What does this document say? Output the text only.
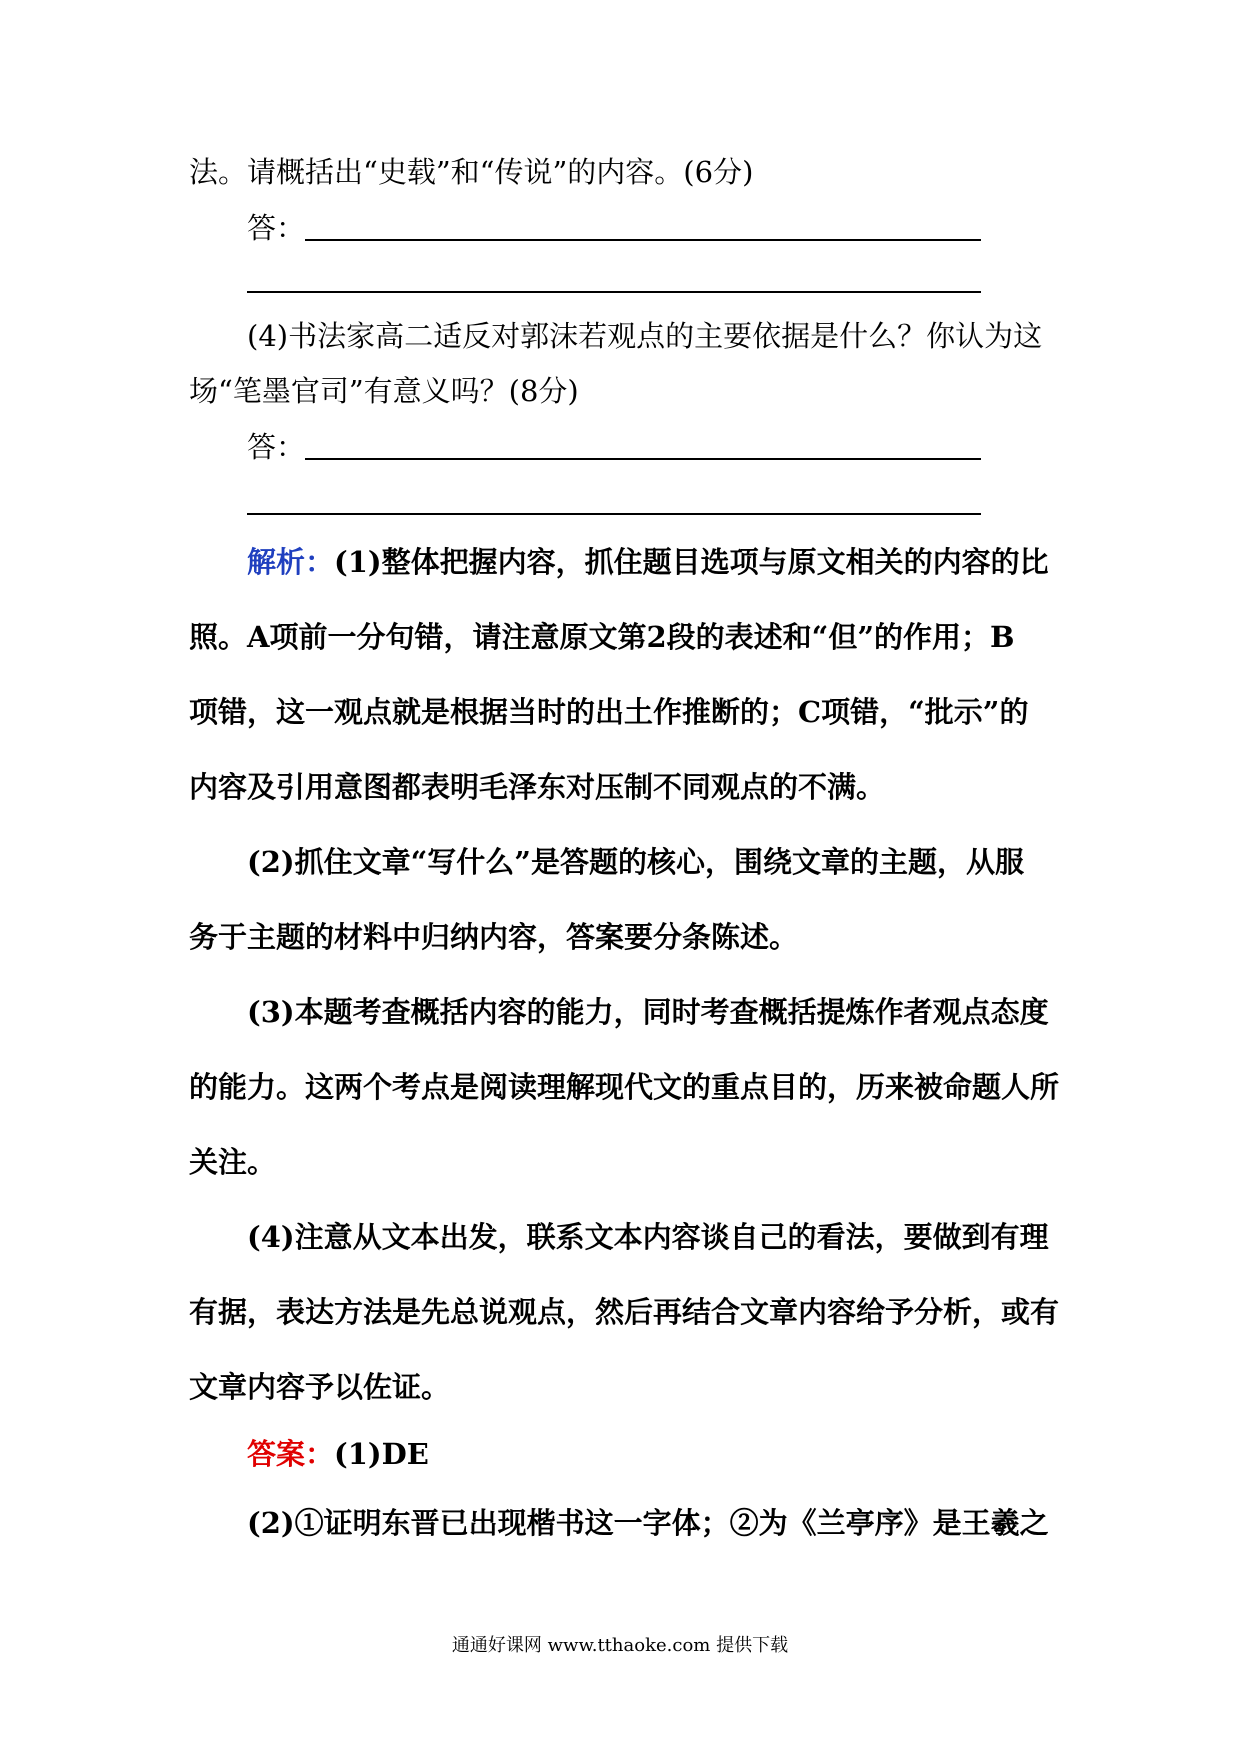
法。请概括出“史载”和“传说”的内容。(6分)
答：
(4)书法家高二适反对郭沫若观点的主要依据是什么？你认为这
场“笔墨官司”有意义吗？(8分)
答：
解析：(1)整体把握内容，抓住题目选项与原文相关的内容的比
照。A项前一分句错，请注意原文第2段的表述和“但”的作用；B
项错，这一观点就是根据当时的出土作推断的；C项错，“批示”的
内容及引用意图都表明毛泽东对压制不同观点的不满。
(2)抓住文章“写什么”是答题的核心，围绕文章的主题，从服
务于主题的材料中归纳内容，答案要分条陈述。
(3)本题考查概括内容的能力，同时考查概括提炼作者观点态度
的能力。这两个考点是阅读理解现代文的重点目的，历来被命题人所
关注。
(4)注意从文本出发，联系文本内容谈自己的看法，要做到有理
有据，表达方法是先总说观点，然后再结合文章内容给予分析，或有
文章内容予以佐证。
答案：(1)DE
(2)①证明东晋已出现楷书这一字体；②为《兰亭序》是王羲之
通通好课网 www.tthaoke.com 提供下载
